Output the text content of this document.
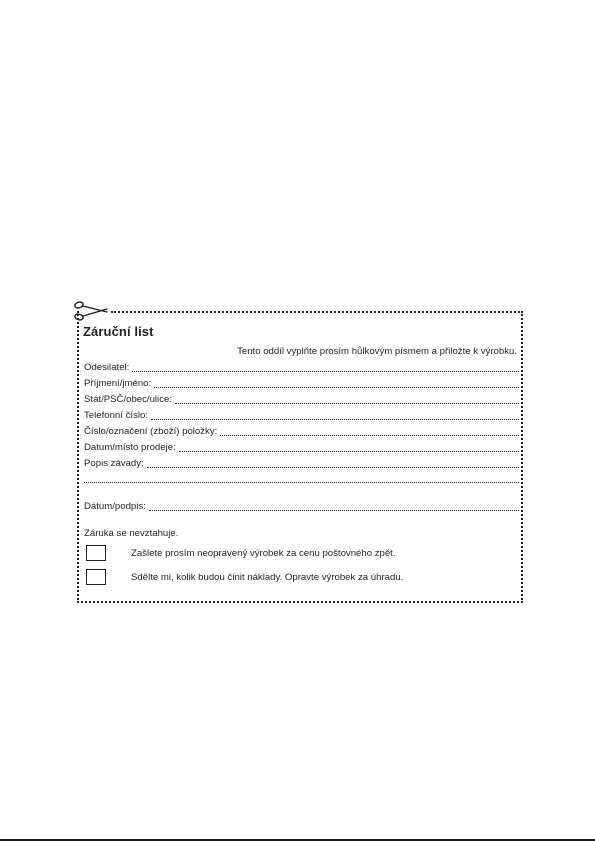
Záruční list
Tento oddíl vyplňte prosím hůlkovým písmem a přiložte k výrobku.
Odesilatel:
Příjmení/jméno:
Stát/PSČ/obec/ulice:
Telefonní číslo:
Číslo/označení (zboží) položky:
Datum/místo prodeje:
Popis závady:
Dátum/podpis:
Záruka se nevztahuje.
Zašlete prosím neopravený výrobek za cenu poštovného zpět.
Sdělte mi, kolik budou činit náklady. Opravte výrobek za úhradu.
